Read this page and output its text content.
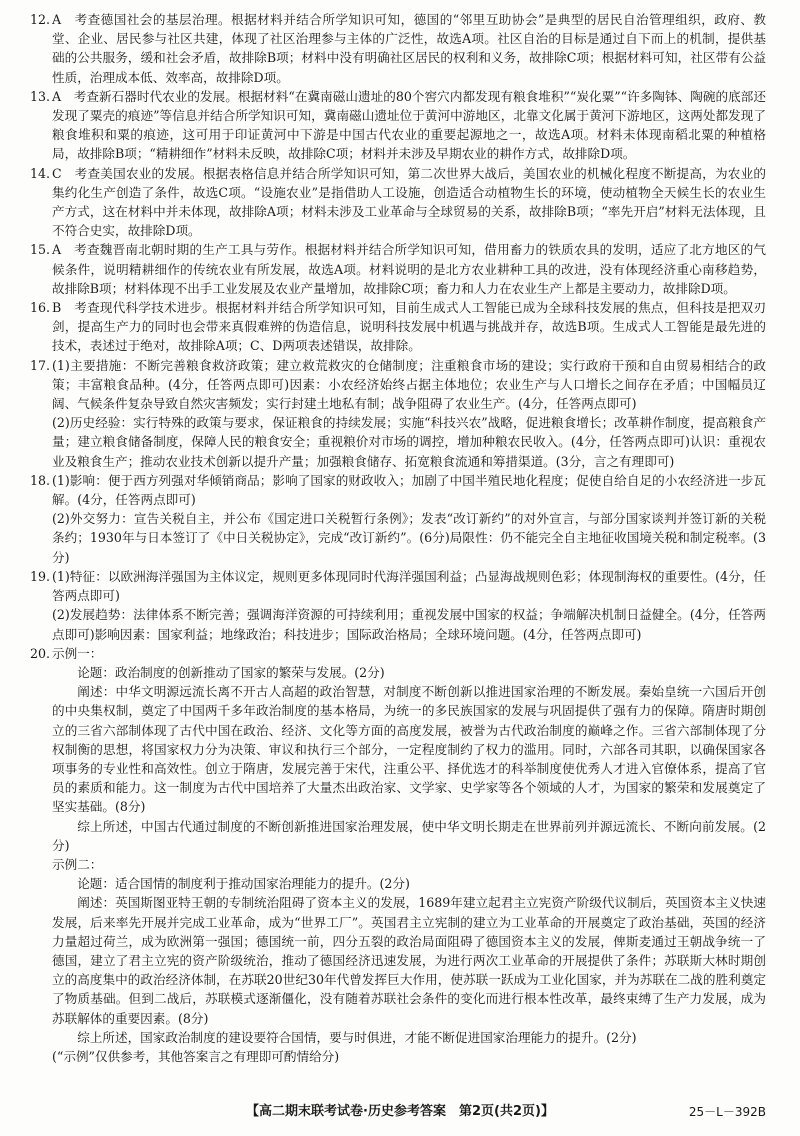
12. A　考查德国社会的基层治理。根据材料并结合所学知识可知，德国的“邻里互助协会”是典型的居民自治管理组织，政府、教堂、企业、居民参与社区共建，体现了社区治理参与主体的广泛性，故选A项。社区自治的目标是通过自下而上的机制，提供基础的公共服务，缓和社会矛盾，故排除B项；材料中没有明确社区居民的权利和义务，故排除C项；根据材料可知，社区带有公益性质，治理成本低、效率高，故排除D项。

13. A　考查新石器时代农业的发展。根据材料“在冀南磁山遗址的80个窖穴内都发现有粮食堆积”“炭化粟”“许多陶钵、陶碗的底部还发现了粟壳的痕迹”等信息并结合所学知识可知，冀南磁山遗址位于黄河中游地区，北靠文化属于黄河下游地区，这两处都发现了粮食堆积和粟的痕迹，这可用于印证黄河中下游是中国古代农业的重要起源地之一，故选A项。材料未体现南稻北粟的种植格局，故排除B项；“精耕细作”材料未反映，故排除C项；材料并未涉及早期农业的耕作方式，故排除D项。

14. C　考查美国农业的发展。根据表格信息并结合所学知识可知，第二次世界大战后，美国农业的机械化程度不断提高，为农业的集约化生产创造了条件，故选C项。“设施农业”是指借助人工设施，创造适合动植物生长的环境，使动植物全天候生长的农业生产方式，这在材料中并未体现，故排除A项；材料未涉及工业革命与全球贸易的关系，故排除B项；“率先开启”材料无法体现，且不符合史实，故排除D项。

15. A　考查魏晋南北朝时期的生产工具与劳作。根据材料并结合所学知识可知，借用畜力的铁质农具的发明，适应了北方地区的气候条件，说明精耕细作的传统农业有所发展，故选A项。材料说明的是北方农业耕种工具的改进，没有体现经济重心南移趋势，故排除B项；材料体现不出手工业发展及农业产量增加，故排除C项；畜力和人力在农业生产上都是主要动力，故排除D项。

16. B　考查现代科学技术进步。根据材料并结合所学知识可知，目前生成式人工智能已成为全球科技发展的焦点，但科技是把双刃剑，提高生产力的同时也会带来真假难辨的伪造信息，说明科技发展中机遇与挑战并存，故选B项。生成式人工智能是最先进的技术，表述过于绝对，故排除A项；C、D两项表述错误，故排除。

17. (1)主要措施：不断完善粮食救济政策；建立救荒救灾的仓储制度；注重粮食市场的建设；实行政府干预和自由贸易相结合的政策；丰富粮食品种。(4分，任答两点即可)因素：小农经济始终占据主体地位；农业生产与人口增长之间存在矛盾；中国幅员辽阔、气候条件复杂导致自然灾害频发；实行封建土地私有制；战争阻碍了农业生产。(4分，任答两点即可)

(2)历史经验：实行特殊的政策与要求，保证粮食的持续发展；实施“科技兴农”战略，促进粮食增长；改革耕作制度，提高粮食产量；建立粮食储备制度，保障人民的粮食安全；重视粮价对市场的调控，增加种粮农民收入。(4分，任答两点即可)认识：重视农业及粮食生产；推动农业技术创新以提升产量；加强粮食储存、拓宽粮食流通和筹措渠道。(3分，言之有理即可)

18. (1)影响：便于西方列强对华倾销商品；影响了国家的财政收入；加剧了中国半殖民地化程度；促使自给自足的小农经济进一步瓦解。(4分，任答两点即可)

(2)外交努力：宣告关税自主，并公布《国定进口关税暂行条例》；发表“改订新约”的对外宣言，与部分国家谈判并签订新的关税条约；1930年与日本签订了《中日关税协定》，完成“改订新约”。(6分)局限性：仍不能完全自主地征收国境关税和制定税率。(3分)

19. (1)特征：以欧洲海洋强国为主体议定，规则更多体现同时代海洋强国利益；凸显海战规则色彩；体现制海权的重要性。(4分，任答两点即可)

(2)发展趋势：法律体系不断完善；强调海洋资源的可持续利用；重视发展中国家的权益；争端解决机制日益健全。(4分，任答两点即可)影响因素：国家利益；地缘政治；科技进步；国际政治格局；全球环境问题。(4分，任答两点即可)

20. 示例一：

论题：政治制度的创新推动了国家的繁荣与发展。(2分)

阐述：中华文明源远流长离不开古人高超的政治智慧，对制度不断创新以推进国家治理的不断发展。秦始皇统一六国后开创的中央集权制，奠定了中国两千多年政治制度的基本格局，为统一的多民族国家的发展与巩固提供了强有力的保障。隋唐时期创立的三省六部制体现了古代中国在政治、经济、文化等方面的高度发展，被誉为古代政治制度的巅峰之作。三省六部制体现了分权制衡的思想，将国家权力分为决策、审议和执行三个部分，一定程度制约了权力的滥用。同时，六部各司其职，以确保国家各项事务的专业性和高效性。创立于隋唐，发展完善于宋代，注重公平、择优选才的科举制度使优秀人才进入官僚体系，提高了官员的素质和能力。这一制度为古代中国培养了大量杰出政治家、文学家、史学家等各个领域的人才，为国家的繁荣和发展奠定了坚实基础。(8分)

综上所述，中国古代通过制度的不断创新推进国家治理发展，使中华文明长期走在世界前列并源远流长、不断向前发展。(2分)

示例二：

论题：适合国情的制度利于推动国家治理能力的提升。(2分)

阐述：英国斯图亚特王朝的专制统治阻碍了资本主义的发展，1689年建立起君主立宪资产阶级代议制后，英国资本主义快速发展，后来率先开展并完成工业革命，成为“世界工厂”。英国君主立宪制的建立为工业革命的开展奠定了政治基础，英国的经济力量超过荷兰，成为欧洲第一强国；德国统一前，四分五裂的政治局面阻碍了德国资本主义的发展，俾斯麦通过王朝战争统一了德国，建立了君主立宪的资产阶级统治，推动了德国经济迅速发展，为进行两次工业革命的开展提供了条件；苏联斯大林时期创立的高度集中的政治经济体制，在苏联20世纪30年代曾发挥巨大作用，使苏联一跃成为工业化国家，并为苏联在二战的胜利奠定了物质基础。但到二战后，苏联模式逐渐僵化，没有随着苏联社会条件的变化而进行根本性改革，最终束缚了生产力发展，成为苏联解体的重要因素。(8分)

综上所述，国家政治制度的建设要符合国情，要与时俱进，才能不断促进国家治理能力的提升。(2分)

(“示例”仅供参考，其他答案言之有理即可酌情给分)

【高二期末联考试卷·历史参考答案　第2页(共2页)】	25－L－392B
